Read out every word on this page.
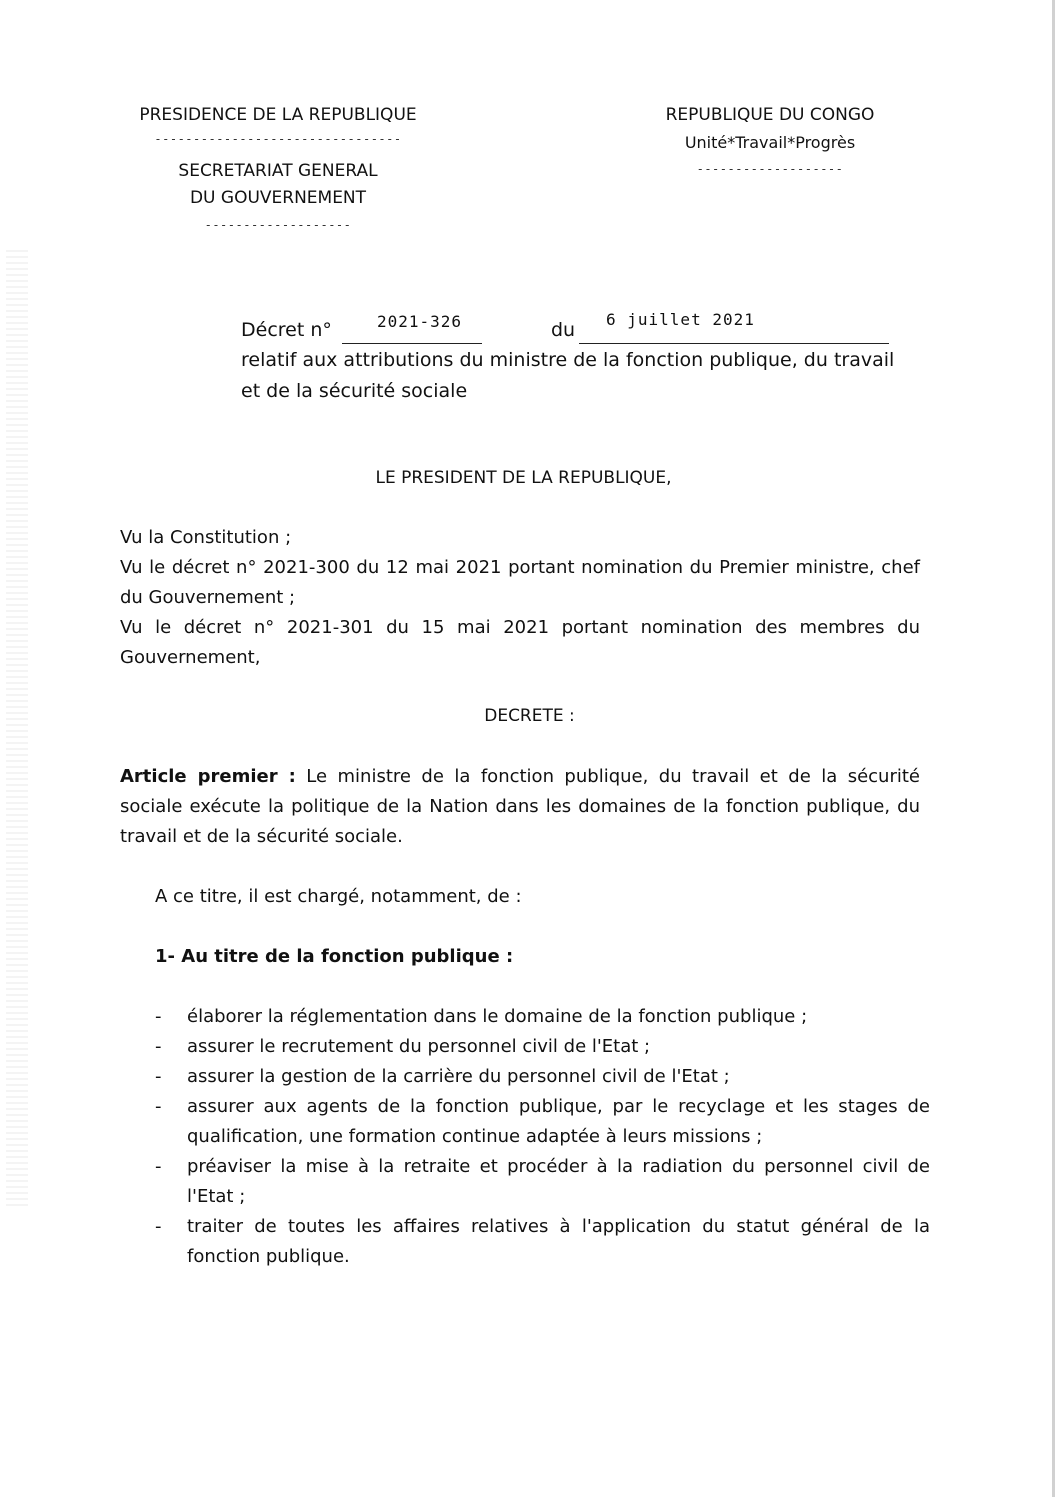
PRESIDENCE DE LA REPUBLIQUE
--------------------------------
SECRETARIAT GENERAL
DU GOUVERNEMENT
-------------------
REPUBLIQUE DU CONGO
Unité*Travail*Progrès
-------------------
Décret n°	2021-326	du 6 juillet 2021
relatif aux attributions du ministre de la fonction publique, du travail et de la sécurité sociale
LE PRESIDENT DE LA REPUBLIQUE,

Vu la Constitution ;

Vu le décret n° 2021-300 du 12 mai 2021 portant nomination du Premier ministre, chef du Gouvernement ;

Vu le décret n° 2021-301 du 15 mai 2021 portant nomination des membres du Gouvernement,

DECRETE :

Article premier : Le ministre de la fonction publique, du travail et de la sécurité sociale exécute la politique de la Nation dans les domaines de la fonction publique, du travail et de la sécurité sociale.

A ce titre, il est chargé, notamment, de :
1- Au titre de la fonction publique :
- élaborer la réglementation dans le domaine de la fonction publique ;
- assurer le recrutement du personnel civil de l'Etat ;
- assurer la gestion de la carrière du personnel civil de l'Etat ;
- assurer aux agents de la fonction publique, par le recyclage et les stages de qualification, une formation continue adaptée à leurs missions ;
- préaviser la mise à la retraite et procéder à la radiation du personnel civil de l'Etat ;
- traiter de toutes les affaires relatives à l'application du statut général de la fonction publique.
